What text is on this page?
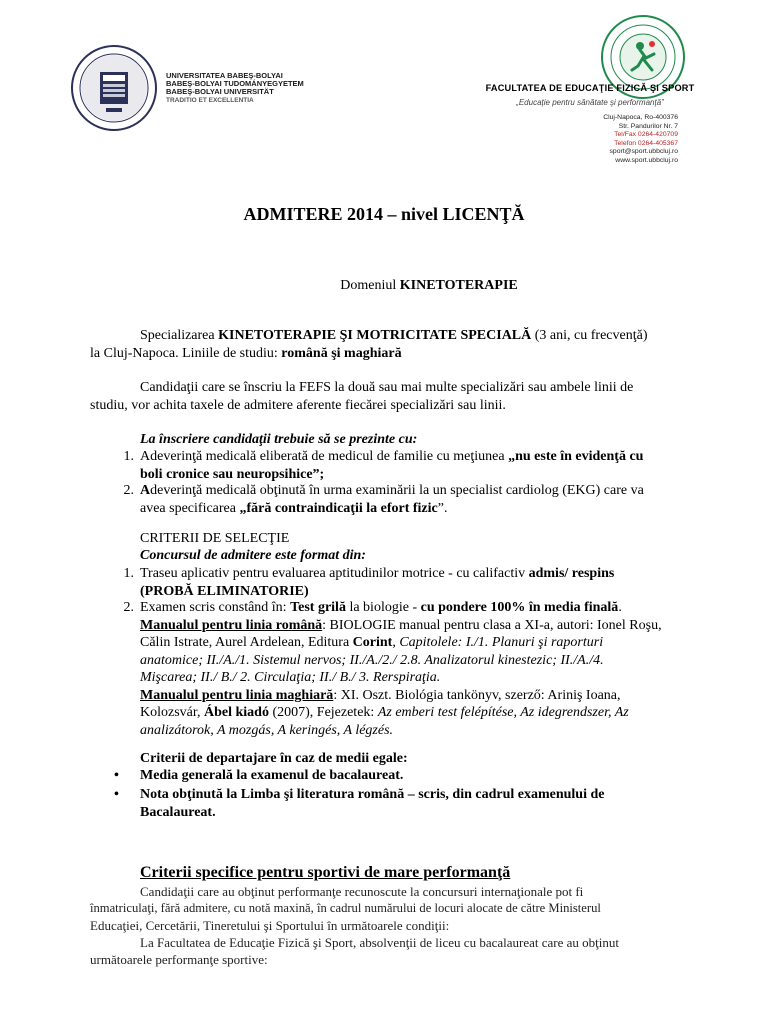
UNIVERSITATEA BABEŞ-BOLYAI
BABEŞ-BOLYAI TUDOMÁNYEGYETEM
BABEŞ-BOLYAI UNIVERSITÄT
TRADITIO ET EXCELLENTIA
FACULTATEA DE EDUCAŢIE FIZICĂ ŞI SPORT
„Educaţie pentru sănătate şi performanţă”
Cluj-Napoca, Ro-400376
Str. Pandurilor Nr. 7
Tel/Fax 0264-420709
Telefon 0264-405367
sport@sport.ubbcluj.ro
www.sport.ubbcluj.ro
ADMITERE 2014 – nivel LICENŢĂ
Domeniul KINETOTERAPIE
Specializarea KINETOTERAPIE ŞI MOTRICITATE SPECIALĂ (3 ani, cu frecvenţă)
la Cluj-Napoca. Liniile de studiu: română şi maghiară
Candidaţii care se înscriu la FEFS la două sau mai multe specializări sau ambele linii de
studiu, vor achita taxele de admitere aferente fiecărei specializări sau linii.
La înscriere candidaţii trebuie să se prezinte cu:
1. Adeverinţă medicală eliberată de medicul de familie cu meţiunea „nu este în evidenţă cu
boli cronice sau neuropsihice”;
2. Adeverinţă medicală obţinută în urma examinării la un specialist cardiolog (EKG) care va
avea specificarea „fără contraindicaţii la efort fizic”.
CRITERII DE SELECŢIE
Concursul de admitere este format din:
1. Traseu aplicativ pentru evaluarea aptitudinilor motrice - cu califactiv admis/ respins
(PROBĂ ELIMINATORIE)
2. Examen scris constând în: Test grilă la biologie - cu pondere 100% în media finală.
Manualul pentru linia română: BIOLOGIE manual pentru clasa a XI-a, autori: Ionel Roşu,
Călin Istrate, Aurel Ardelean, Editura Corint, Capitolele: I./1. Planuri şi raporturi
anatomice; II./A./1. Sistemul nervos; II./A./2./ 2.8. Analizatorul kinestezic; II./A./4.
Mişcarea; II./ B./ 2. Circulaţia; II./ B./ 3. Rerspiraţia.
Manualul pentru linia maghiară: XI. Oszt. Biológia tankönyv, szerző: Ariniş Ioana,
Kolozsvár, Ábel kiadó (2007), Fejezetek: Az emberi test felépítése, Az idegrendszer, Az
analizátorok, A mozgás, A keringés, A légzés.
Criterii de departajare în caz de medii egale:
• Media generală la examenul de bacalaureat.
• Nota obţinută la Limba şi literatura română – scris, din cadrul examenului de
Bacalaureat.
Criterii specifice pentru sportivi de mare performanţă
Candidaţii care au obţinut performanţe recunoscute la concursuri internaţionale pot fi
înmatriculaţi, fără admitere, cu notă maxină, în cadrul numărului de locuri alocate de către Ministerul
Educaţiei, Cercetării, Tineretului şi Sportului în următoarele condiţii:
La Facultatea de Educaţie Fizică şi Sport, absolvenţii de liceu cu bacalaureat care au obţinut
următoarele performanţe sportive:
